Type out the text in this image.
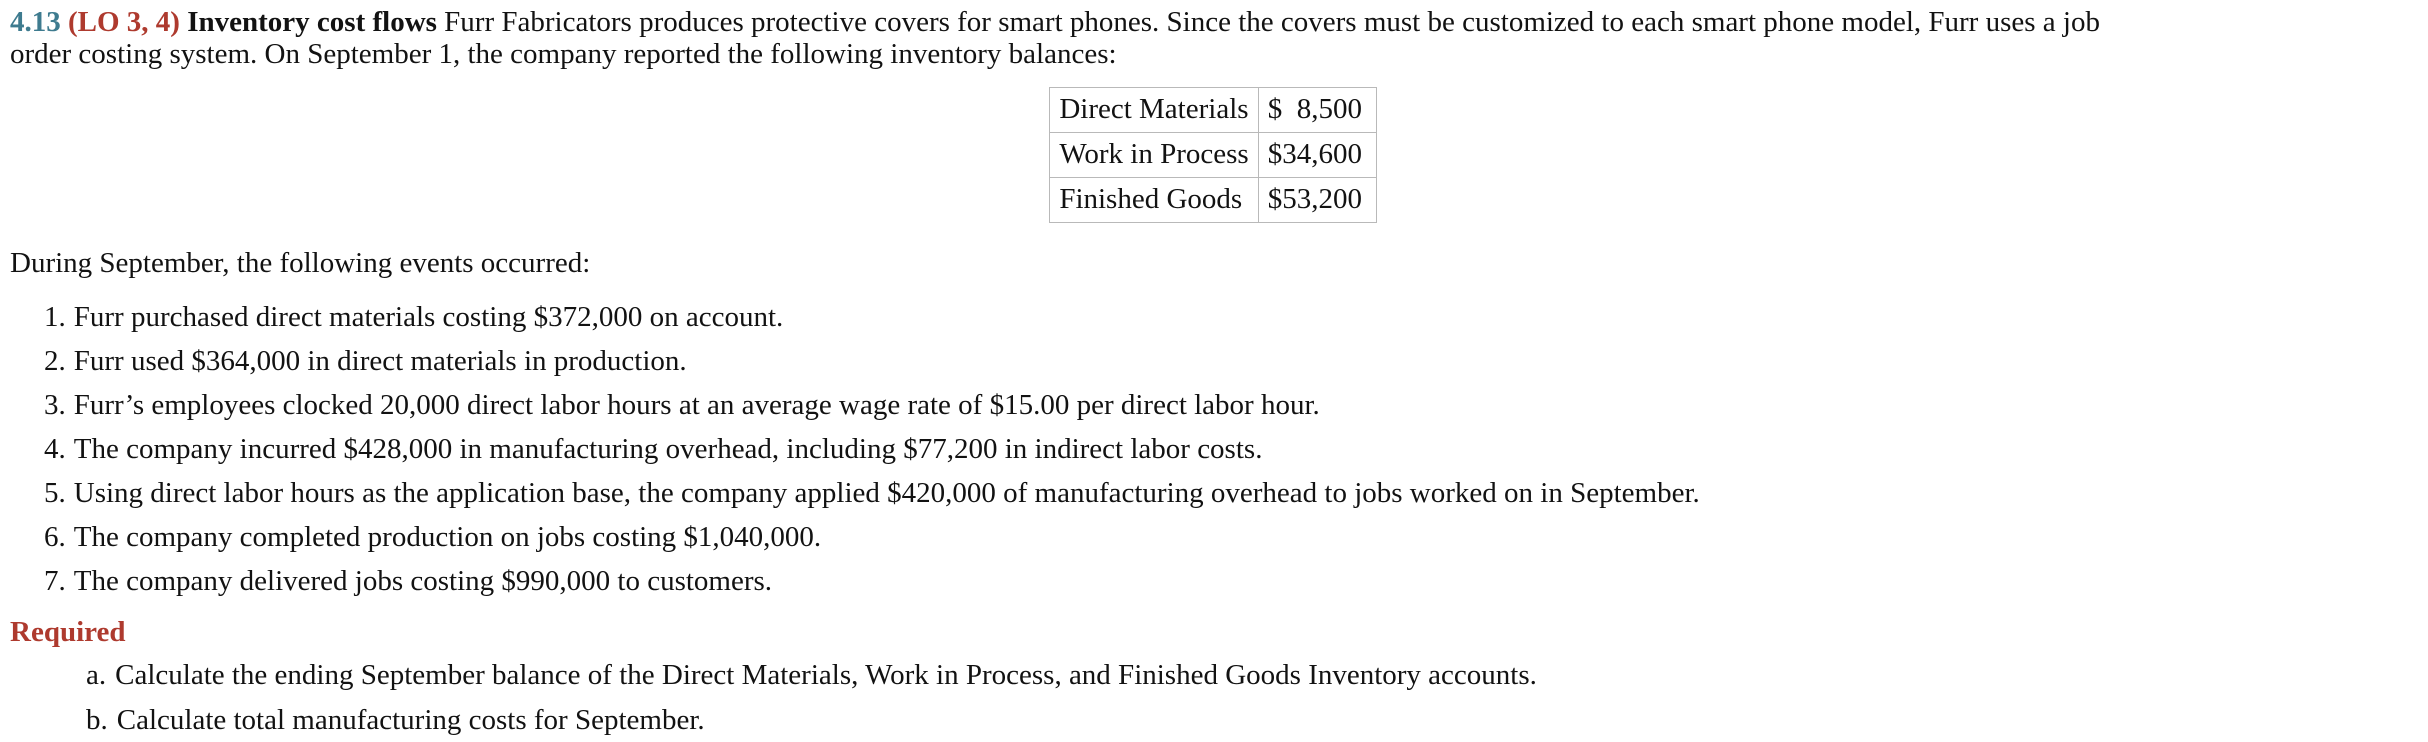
4.13 (LO 3, 4) Inventory cost flows Furr Fabricators produces protective covers for smart phones. Since the covers must be customized to each smart phone model, Furr uses a job
order costing system. On September 1, the company reported the following inventory balances:
Direct Materials	$  8,500
Work in Process	$34,600
Finished Goods	$53,200
During September, the following events occurred:
1. Furr purchased direct materials costing $372,000 on account.
2. Furr used $364,000 in direct materials in production.
3. Furr’s employees clocked 20,000 direct labor hours at an average wage rate of $15.00 per direct labor hour.
4. The company incurred $428,000 in manufacturing overhead, including $77,200 in indirect labor costs.
5. Using direct labor hours as the application base, the company applied $420,000 of manufacturing overhead to jobs worked on in September.
6. The company completed production on jobs costing $1,040,000.
7. The company delivered jobs costing $990,000 to customers.
Required
a. Calculate the ending September balance of the Direct Materials, Work in Process, and Finished Goods Inventory accounts.
b. Calculate total manufacturing costs for September.
